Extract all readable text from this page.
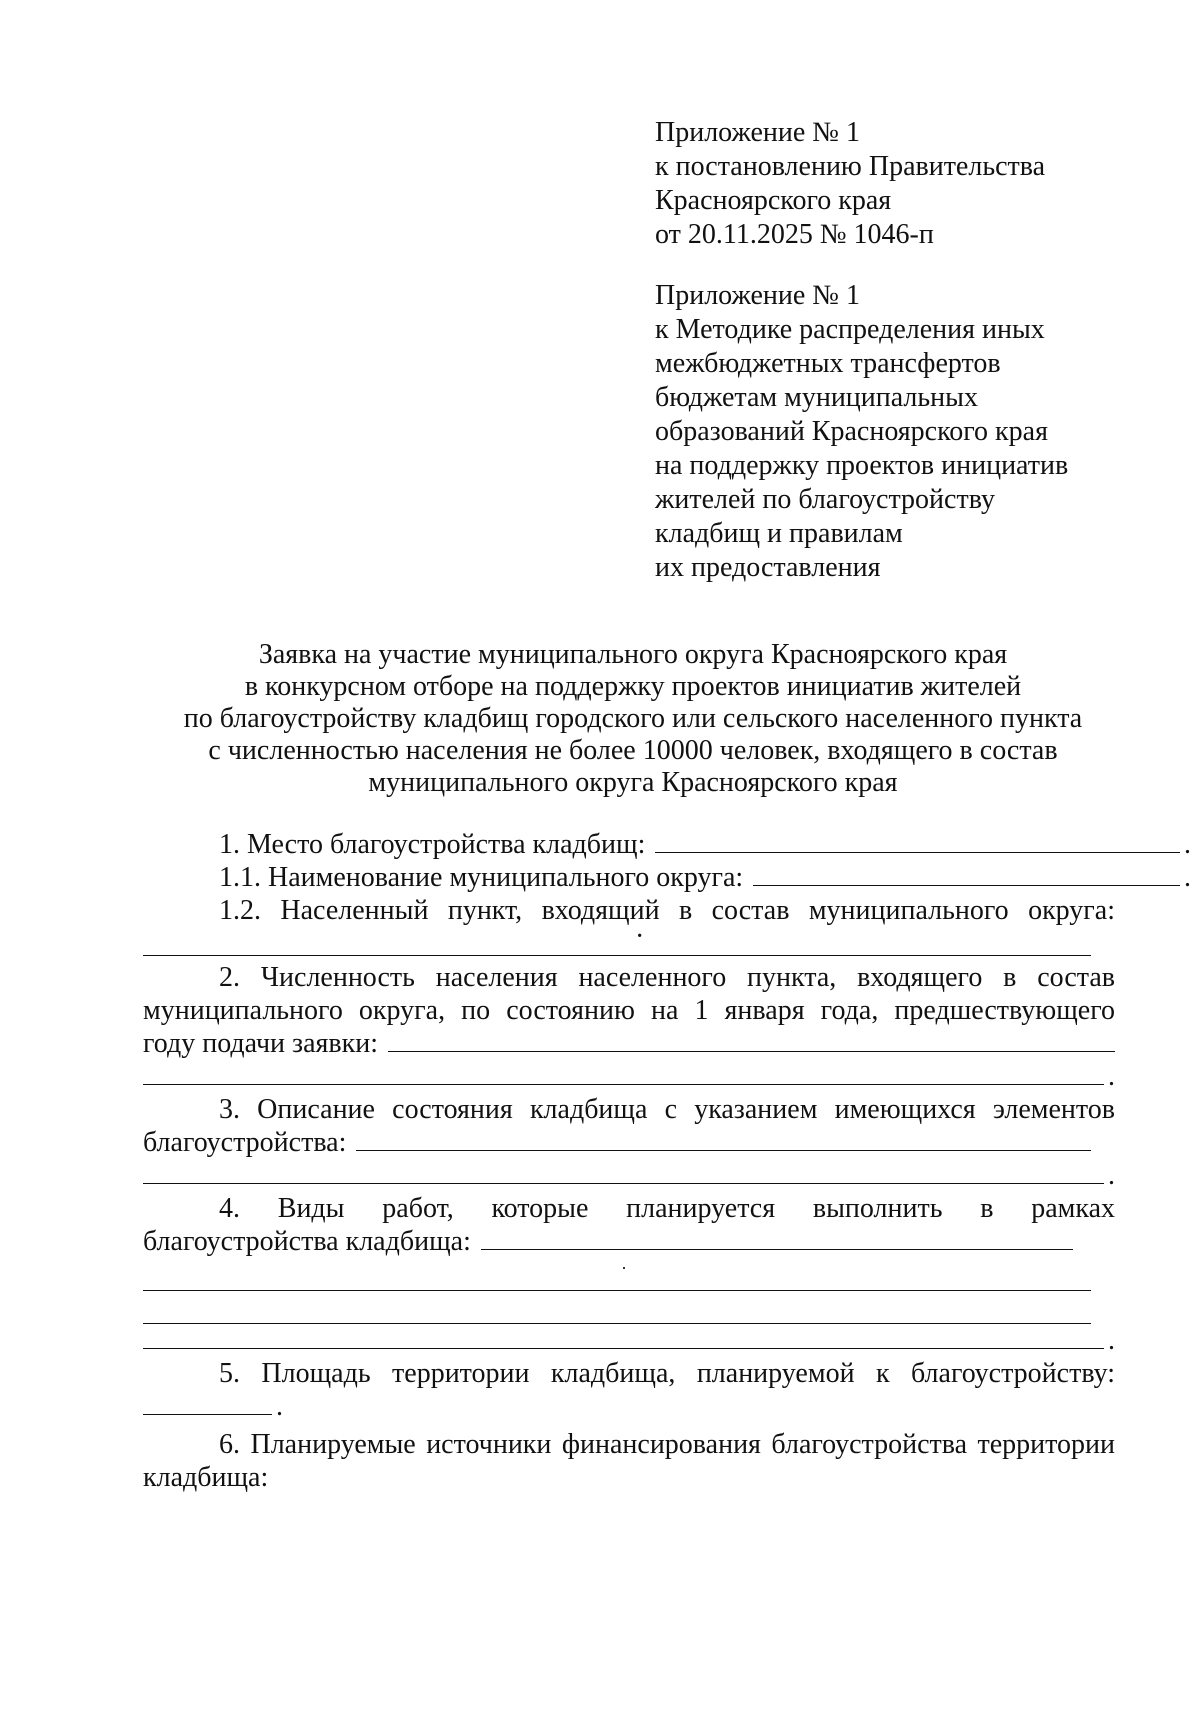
Приложение № 1
к постановлению Правительства
Красноярского края
от 20.11.2025 № 1046-п
Приложение № 1
к Методике распределения иных
межбюджетных трансфертов
бюджетам муниципальных
образований Красноярского края
на поддержку проектов инициатив
жителей по благоустройству
кладбищ и правилам
их предоставления
Заявка на участие муниципального округа Красноярского края
в конкурсном отборе на поддержку проектов инициатив жителей
по благоустройству кладбищ городского или сельского населенного пункта
с численностью населения не более 10000 человек, входящего в состав
муниципального округа Красноярского края
1. Место благоустройства кладбищ:	.
1.1. Наименование муниципального округа:	.
1.2. Населенный пункт, входящий в состав муниципального округа:
·
2. Численность населения населенного пункта, входящего в состав
муниципального округа, по состоянию на 1 января года, предшествующего
году подачи заявки:
.
3. Описание состояния кладбища с указанием имеющихся элементов
благоустройства:
.
4. Виды работ, которые планируется выполнить в рамках
благоустройства кладбища:
·
.
5. Площадь территории кладбища, планируемой к благоустройству:
.
6. Планируемые источники финансирования благоустройства территории
кладбища:
